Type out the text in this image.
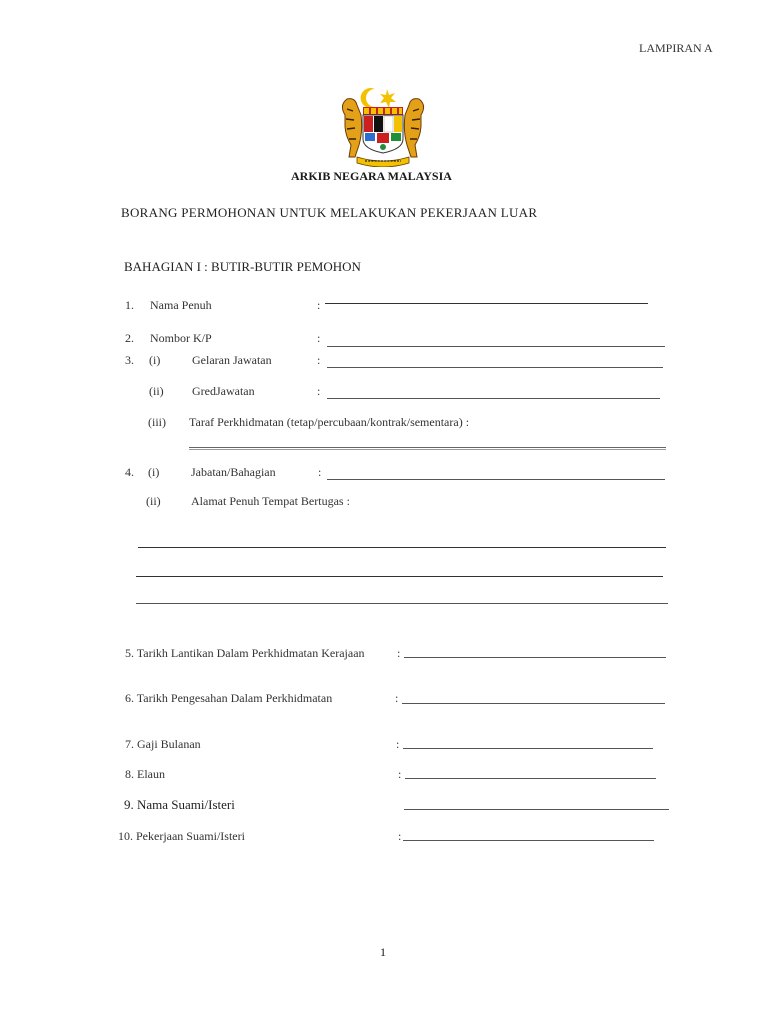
LAMPIRAN A
ARKIB NEGARA MALAYSIA
BORANG PERMOHONAN UNTUK MELAKUKAN PEKERJAAN LUAR
BAHAGIAN I : BUTIR-BUTIR PEMOHON
1. Nama Penuh	:
2. Nombor K/P	:
3. (i)	Gelaran Jawatan	:
(ii) GredJawatan	:
(iii) Taraf Perkhidmatan (tetap/percubaan/kontrak/sementara) :
4. (i)	Jabatan/Bahagian	:
(ii)	Alamat Penuh Tempat Bertugas :
5. Tarikh Lantikan Dalam Perkhidmatan Kerajaan	:
6. Tarikh Pengesahan Dalam Perkhidmatan	:
7. Gaji Bulanan	:
8. Elaun	:
9. Nama Suami/Isteri
10. Pekerjaan Suami/Isteri	:
1
